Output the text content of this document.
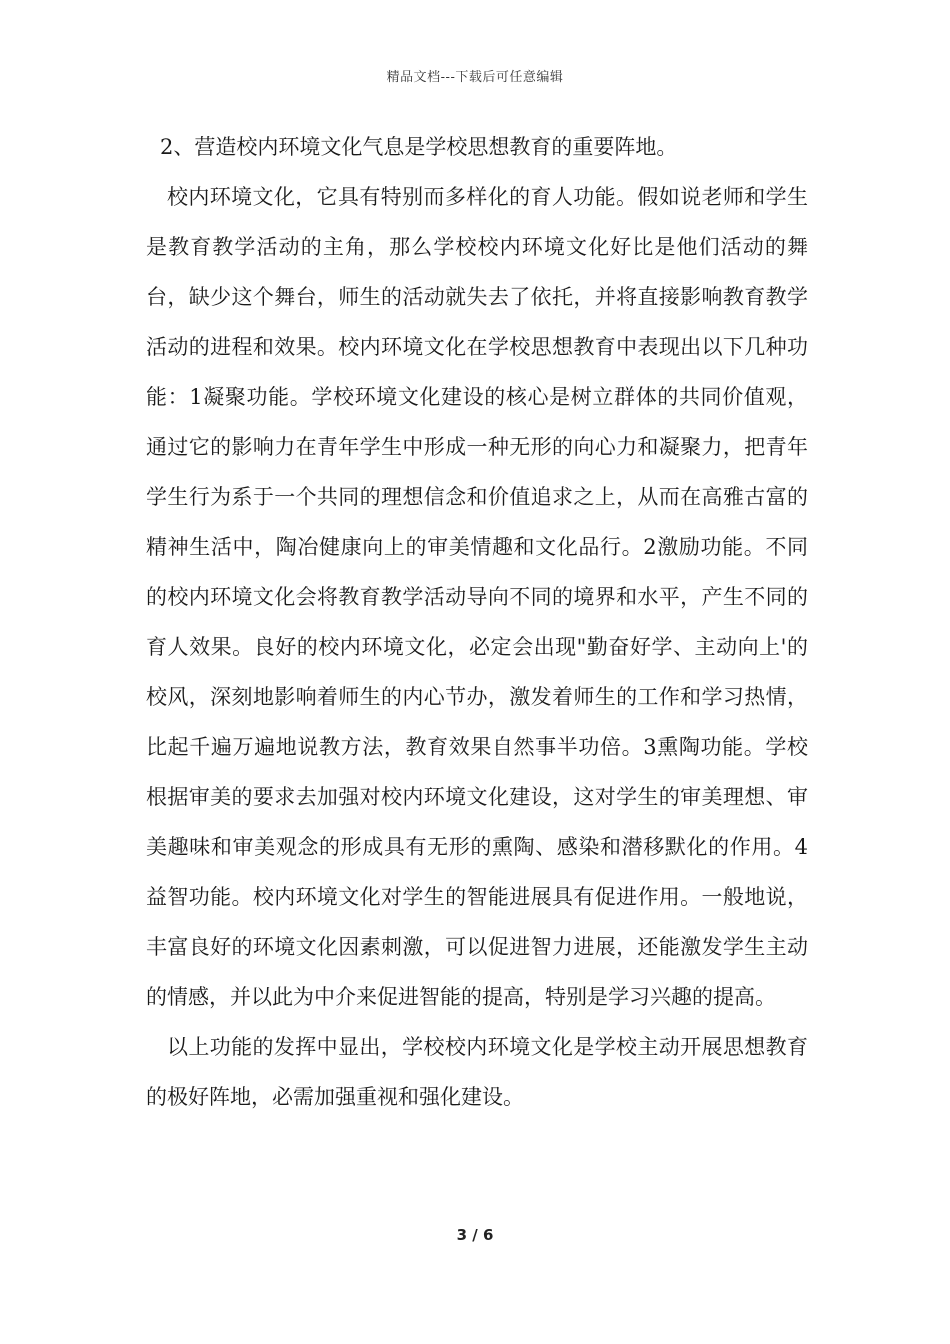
精品文档---下载后可任意编辑

2、营造校内环境文化气息是学校思想教育的重要阵地。

校内环境文化，它具有特别而多样化的育人功能。假如说老师和学生是教育教学活动的主角，那么学校校内环境文化好比是他们活动的舞台，缺少这个舞台，师生的活动就失去了依托，并将直接影响教育教学活动的进程和效果。校内环境文化在学校思想教育中表现出以下几种功能：1凝聚功能。学校环境文化建设的核心是树立群体的共同价值观，通过它的影响力在青年学生中形成一种无形的向心力和凝聚力，把青年学生行为系于一个共同的理想信念和价值追求之上，从而在高雅古富的精神生活中，陶冶健康向上的审美情趣和文化品行。2激励功能。不同的校内环境文化会将教育教学活动导向不同的境界和水平，产生不同的育人效果。良好的校内环境文化，必定会出现"勤奋好学、主动向上'的校风，深刻地影响着师生的内心节办，激发着师生的工作和学习热情，比起千遍万遍地说教方法，教育效果自然事半功倍。3熏陶功能。学校根据审美的要求去加强对校内环境文化建设，这对学生的审美理想、审美趣味和审美观念的形成具有无形的熏陶、感染和潜移默化的作用。4益智功能。校内环境文化对学生的智能进展具有促进作用。一般地说，丰富良好的环境文化因素刺激，可以促进智力进展，还能激发学生主动的情感，并以此为中介来促进智能的提高，特别是学习兴趣的提高。

以上功能的发挥中显出，学校校内环境文化是学校主动开展思想教育的极好阵地，必需加强重视和强化建设。

3 / 6
